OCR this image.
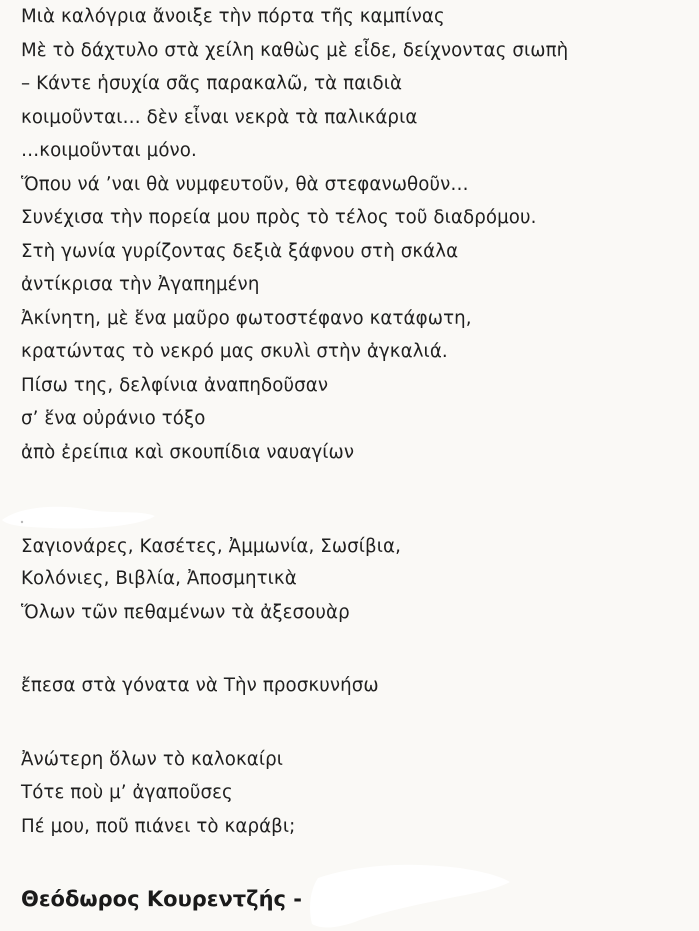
Μιὰ καλόγρια ἄνοιξε τὴν πόρτα τῆς καμπίνας
Μὲ τὸ δάχτυλο στὰ χείλη καθὼς μὲ εἶδε, δείχνοντας σιωπὴ
– Κάντε ἡσυχία σᾶς παρακαλῶ, τὰ παιδιὰ
κοιμοῦνται… δὲν εἶναι νεκρὰ τὰ παλικάρια
…κοιμοῦνται μόνο.
Ὅπου νά ʼναι θὰ νυμφευτοῦν, θὰ στεφανωθοῦν…
Συνέχισα τὴν πορεία μου πρὸς τὸ τέλος τοῦ διαδρόμου.
Στὴ γωνία γυρίζοντας δεξιὰ ξάφνου στὴ σκάλα
ἀντίκρισα τὴν Ἀγαπημένη
Ἀκίνητη, μὲ ἕνα μαῦρο φωτοστέφανο κατάφωτη,
κρατώντας τὸ νεκρό μας σκυλὶ στὴν ἀγκαλιά.
Πίσω της, δελφίνια ἀναπηδοῦσαν
σ’ ἕνα οὐράνιο τόξο
ἀπὸ ἐρείπια καὶ σκουπίδια ναυαγίων
Σαγιονάρες, Κασέτες, Ἀμμωνία, Σωσίβια,
Κολόνιες, Βιβλία, Ἀποσμητικὰ
Ὅλων τῶν πεθαμένων τὰ ἀξεσουὰρ
ἔπεσα στὰ γόνατα νὰ Τὴν προσκυνήσω
Ἀνώτερη ὅλων τὸ καλοκαίρι
Τότε ποὺ μ’ ἀγαποῦσες
Πέ μου, ποῦ πιάνει τὸ καράβι;
Θεόδωρος Κουρεντζής -
